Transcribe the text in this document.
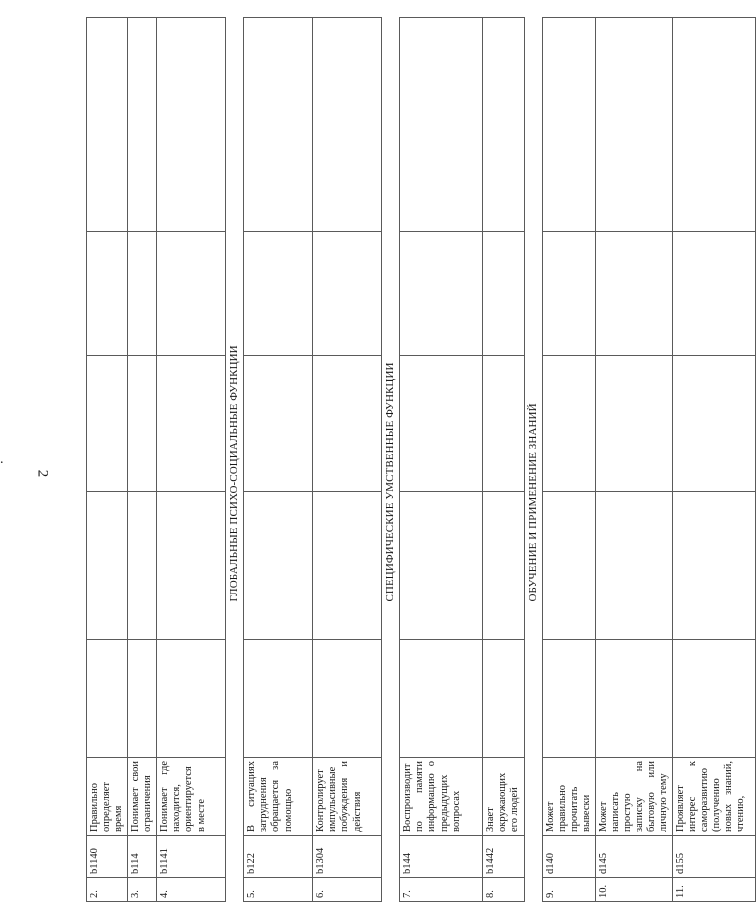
2
.
2.	b1140	Правильно определяет время					
3.	b114	Понимает свои ограничения					
4.	b1141	Понимает где находится, ориентируется в месте					

ГЛОБАЛЬНЫЕ ПСИХО-СОЦИАЛЬНЫЕ ФУНКЦИИ							

5.	b122	В ситуациях затруднения обращается за помощью					
6.	b1304	Контролирует импульсивные побуждения и действия					

СПЕЦИФИЧЕСКИЕ УМСТВЕННЫЕ ФУНКЦИИ							

7.	b144	Воспроизводит по памяти информацию о предыдущих вопросах					
8.	b1442	Знает окружающих его людей					

ОБУЧЕНИЕ И ПРИМЕНЕНИЕ ЗНАНИЙ							

9.	d140	Может правильно прочитать вывески					
10.	d145	Может написать простую записку на бытовую или личную тему					
11.	d155	Проявляет интерес к саморазвитию (получению новых знаний, чтению,					
